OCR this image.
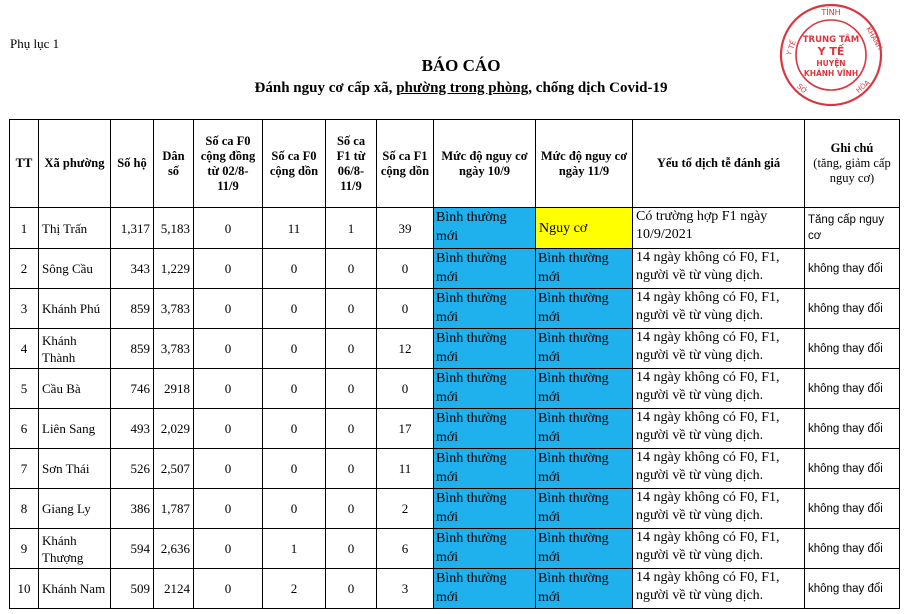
Phụ lục 1
BÁO CÁO
Đánh nguy cơ cấp xã, phường trong phòng, chống dịch Covid-19
TỈNH
Y TẾ	KHÁNH
SỞ	HÒA
TRUNG TÂM
Y TẾ
HUYỆN
KHÁNH VĨNH
TT	Xã phường	Số hộ	Dân số	Số ca F0 cộng đồng từ 02/8-11/9	Số ca F0 cộng dồn	Số ca F1 từ 06/8-11/9	Số ca F1 cộng dồn	Mức độ nguy cơ ngày 10/9	Mức độ nguy cơ ngày 11/9	Yếu tố dịch tễ đánh giá	Ghi chú
(tăng, giảm cấp nguy cơ)
1	Thị Trấn	1,317	5,183	0	11	1	39	Bình thường mới	Nguy cơ	Có trường hợp F1 ngày 10/9/2021	Tăng cấp nguy cơ
2	Sông Cầu	343	1,229	0	0	0	0	Bình thường mới	Bình thường mới	14 ngày không có F0, F1, người về từ vùng dịch.	không thay đổi
3	Khánh Phú	859	3,783	0	0	0	0	Bình thường mới	Bình thường mới	14 ngày không có F0, F1, người về từ vùng dịch.	không thay đổi
4	Khánh Thành	859	3,783	0	0	0	12	Bình thường mới	Bình thường mới	14 ngày không có F0, F1, người về từ vùng dịch.	không thay đổi
5	Cầu Bà	746	2918	0	0	0	0	Bình thường mới	Bình thường mới	14 ngày không có F0, F1, người về từ vùng dịch.	không thay đổi
6	Liên Sang	493	2,029	0	0	0	17	Bình thường mới	Bình thường mới	14 ngày không có F0, F1, người về từ vùng dịch.	không thay đổi
7	Sơn Thái	526	2,507	0	0	0	11	Bình thường mới	Bình thường mới	14 ngày không có F0, F1, người về từ vùng dịch.	không thay đổi
8	Giang Ly	386	1,787	0	0	0	2	Bình thường mới	Bình thường mới	14 ngày không có F0, F1, người về từ vùng dịch.	không thay đổi
9	Khánh Thượng	594	2,636	0	1	0	6	Bình thường mới	Bình thường mới	14 ngày không có F0, F1, người về từ vùng dịch.	không thay đổi
10	Khánh Nam	509	2124	0	2	0	3	Bình thường mới	Bình thường mới	14 ngày không có F0, F1, người về từ vùng dịch.	không thay đổi
